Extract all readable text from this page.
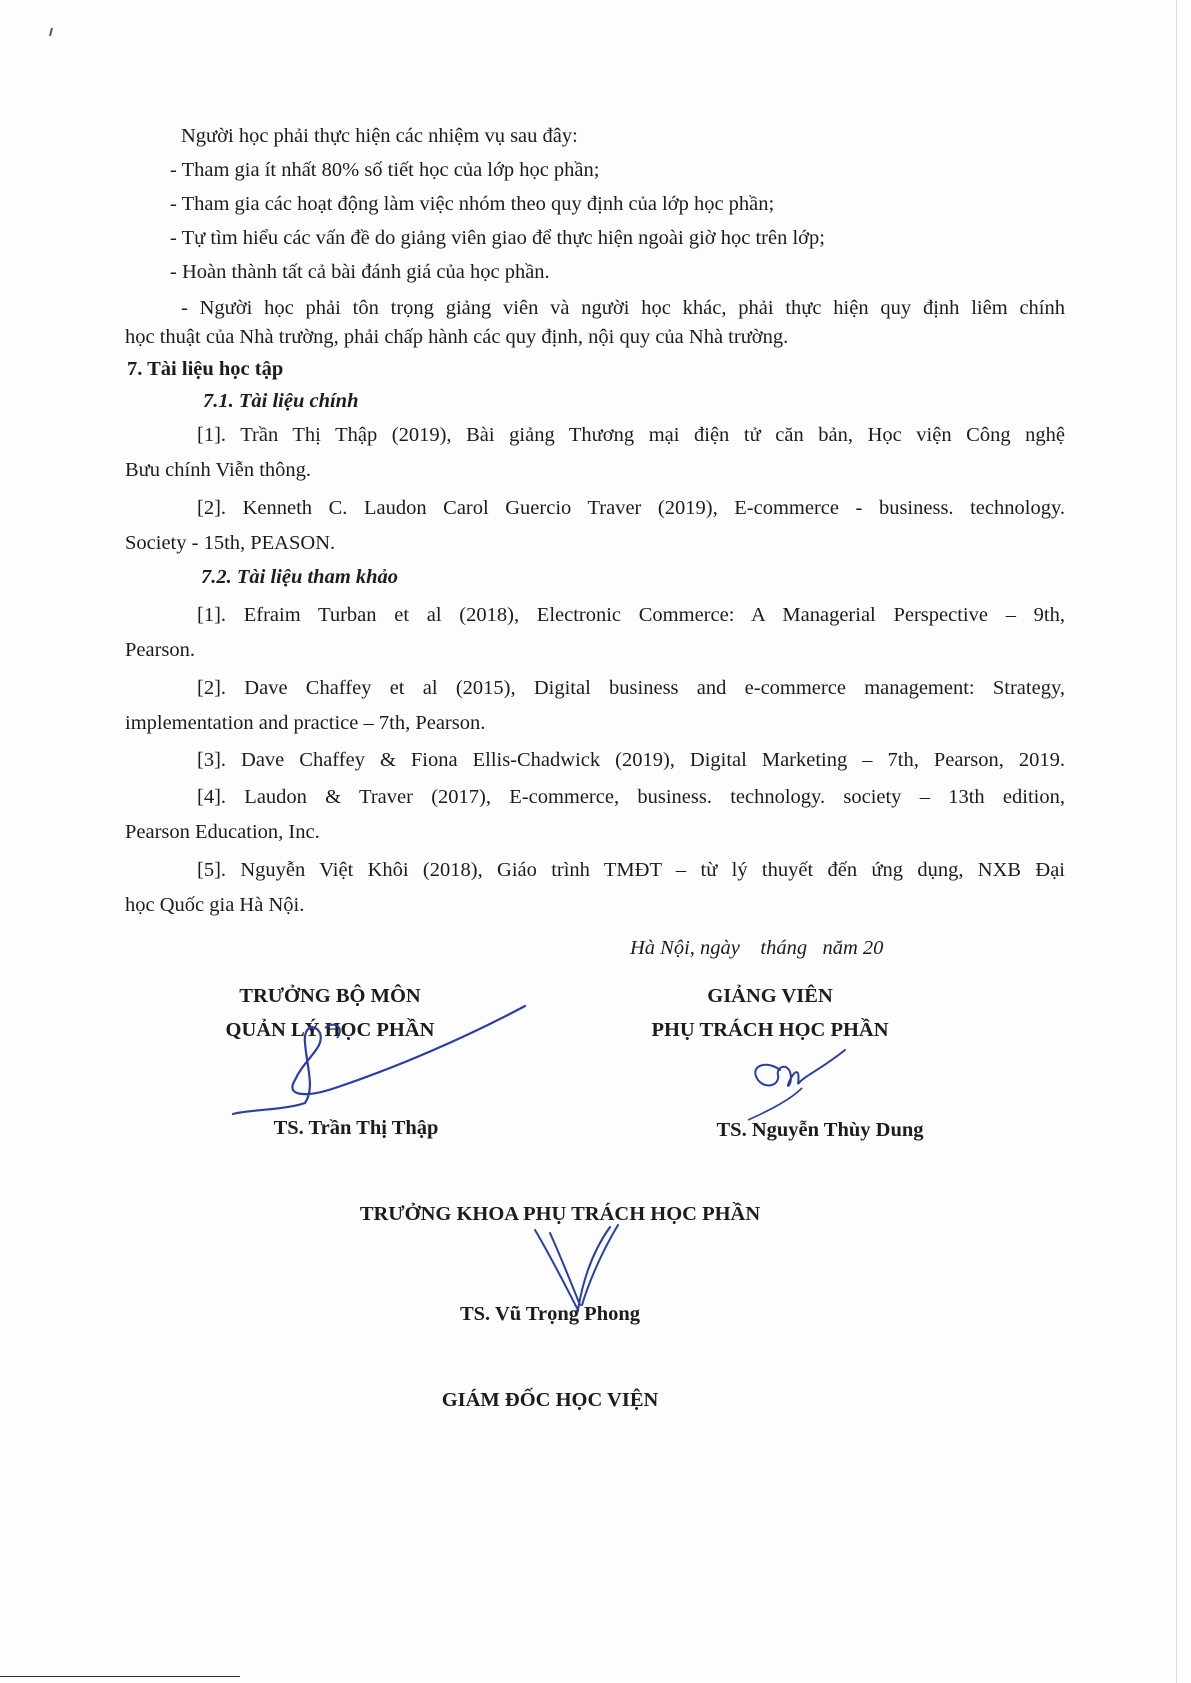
Người học phải thực hiện các nhiệm vụ sau đây:
- Tham gia ít nhất 80% số tiết học của lớp học phần;
- Tham gia các hoạt động làm việc nhóm theo quy định của lớp học phần;
- Tự tìm hiểu các vấn đề do giảng viên giao để thực hiện ngoài giờ học trên lớp;
- Hoàn thành tất cả bài đánh giá của học phần.
- Người học phải tôn trọng giảng viên và người học khác, phải thực hiện quy định liêm chính
học thuật của Nhà trường, phải chấp hành các quy định, nội quy của Nhà trường.
7. Tài liệu học tập
7.1. Tài liệu chính
[1]. Trần Thị Thập (2019), Bài giảng Thương mại điện tử căn bản, Học viện Công nghệ
Bưu chính Viễn thông.
[2]. Kenneth C. Laudon Carol Guercio Traver (2019), E-commerce - business. technology.
Society - 15th, PEASON.
7.2. Tài liệu tham khảo
[1]. Efraim Turban et al (2018), Electronic Commerce: A Managerial Perspective – 9th,
Pearson.
[2]. Dave Chaffey et al (2015), Digital business and e-commerce management: Strategy,
implementation and practice – 7th, Pearson.
[3]. Dave Chaffey & Fiona Ellis-Chadwick (2019), Digital Marketing – 7th, Pearson, 2019.
[4]. Laudon & Traver (2017), E-commerce, business. technology. society – 13th edition,
Pearson Education, Inc.
[5]. Nguyễn Việt Khôi (2018), Giáo trình TMĐT – từ lý thuyết đến ứng dụng, NXB Đại
học Quốc gia Hà Nội.
Hà Nội, ngày    tháng   năm 20
TRƯỞNG BỘ MÔN
QUẢN LÝ HỌC PHẦN
TS. Trần Thị Thập
GIẢNG VIÊN
PHỤ TRÁCH HỌC PHẦN
TS. Nguyễn Thùy Dung
TRƯỞNG KHOA PHỤ TRÁCH HỌC PHẦN
TS. Vũ Trọng Phong
GIÁM ĐỐC HỌC VIỆN
